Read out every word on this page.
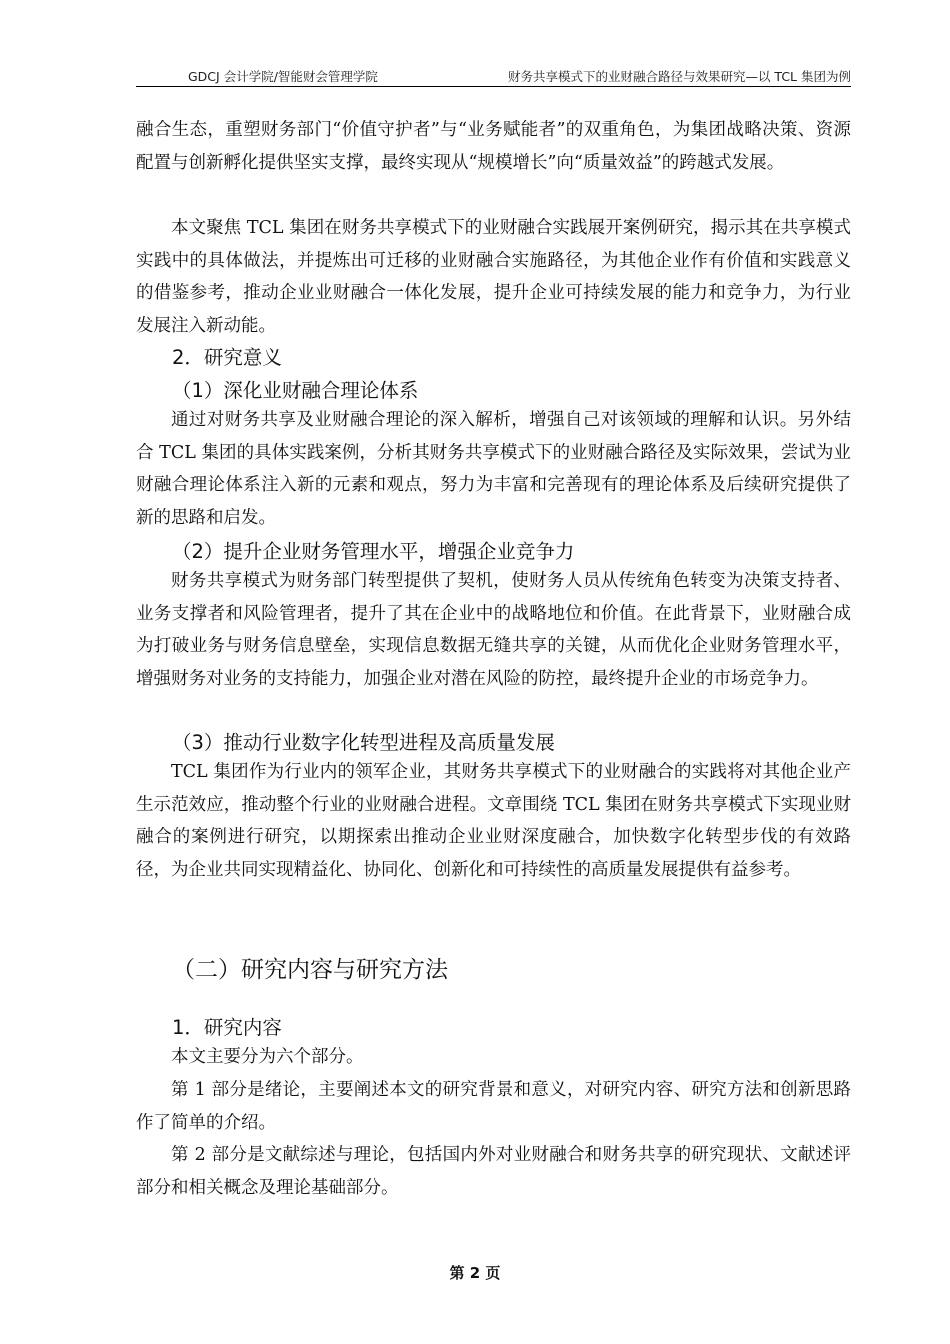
GDCJ 会计学院/智能财会管理学院	财务共享模式下的业财融合路径与效果研究—以 TCL 集团为例

融合生态，重塑财务部门“价值守护者”与“业务赋能者”的双重角色，为集团战略决策、资源配置与创新孵化提供坚实支撑，最终实现从“规模增长”向“质量效益”的跨越式发展。

本文聚焦 TCL 集团在财务共享模式下的业财融合实践展开案例研究，揭示其在共享模式实践中的具体做法，并提炼出可迁移的业财融合实施路径，为其他企业作有价值和实践意义的借鉴参考，推动企业业财融合一体化发展，提升企业可持续发展的能力和竞争力，为行业发展注入新动能。

2．研究意义
（1）深化业财融合理论体系

通过对财务共享及业财融合理论的深入解析，增强自己对该领域的理解和认识。另外结合 TCL 集团的具体实践案例，分析其财务共享模式下的业财融合路径及实际效果，尝试为业财融合理论体系注入新的元素和观点，努力为丰富和完善现有的理论体系及后续研究提供了新的思路和启发。

（2）提升企业财务管理水平，增强企业竞争力

财务共享模式为财务部门转型提供了契机，使财务人员从传统角色转变为决策支持者、业务支撑者和风险管理者，提升了其在企业中的战略地位和价值。在此背景下，业财融合成为打破业务与财务信息壁垒，实现信息数据无缝共享的关键，从而优化企业财务管理水平，增强财务对业务的支持能力，加强企业对潜在风险的防控，最终提升企业的市场竞争力。

（3）推动行业数字化转型进程及高质量发展

TCL 集团作为行业内的领军企业，其财务共享模式下的业财融合的实践将对其他企业产生示范效应，推动整个行业的业财融合进程。文章围绕 TCL 集团在财务共享模式下实现业财融合的案例进行研究，以期探索出推动企业业财深度融合，加快数字化转型步伐的有效路径，为企业共同实现精益化、协同化、创新化和可持续性的高质量发展提供有益参考。

（二）研究内容与研究方法
1．研究内容

本文主要分为六个部分。

第 1 部分是绪论，主要阐述本文的研究背景和意义，对研究内容、研究方法和创新思路作了简单的介绍。

第 2 部分是文献综述与理论，包括国内外对业财融合和财务共享的研究现状、文献述评部分和相关概念及理论基础部分。

第 2 页
